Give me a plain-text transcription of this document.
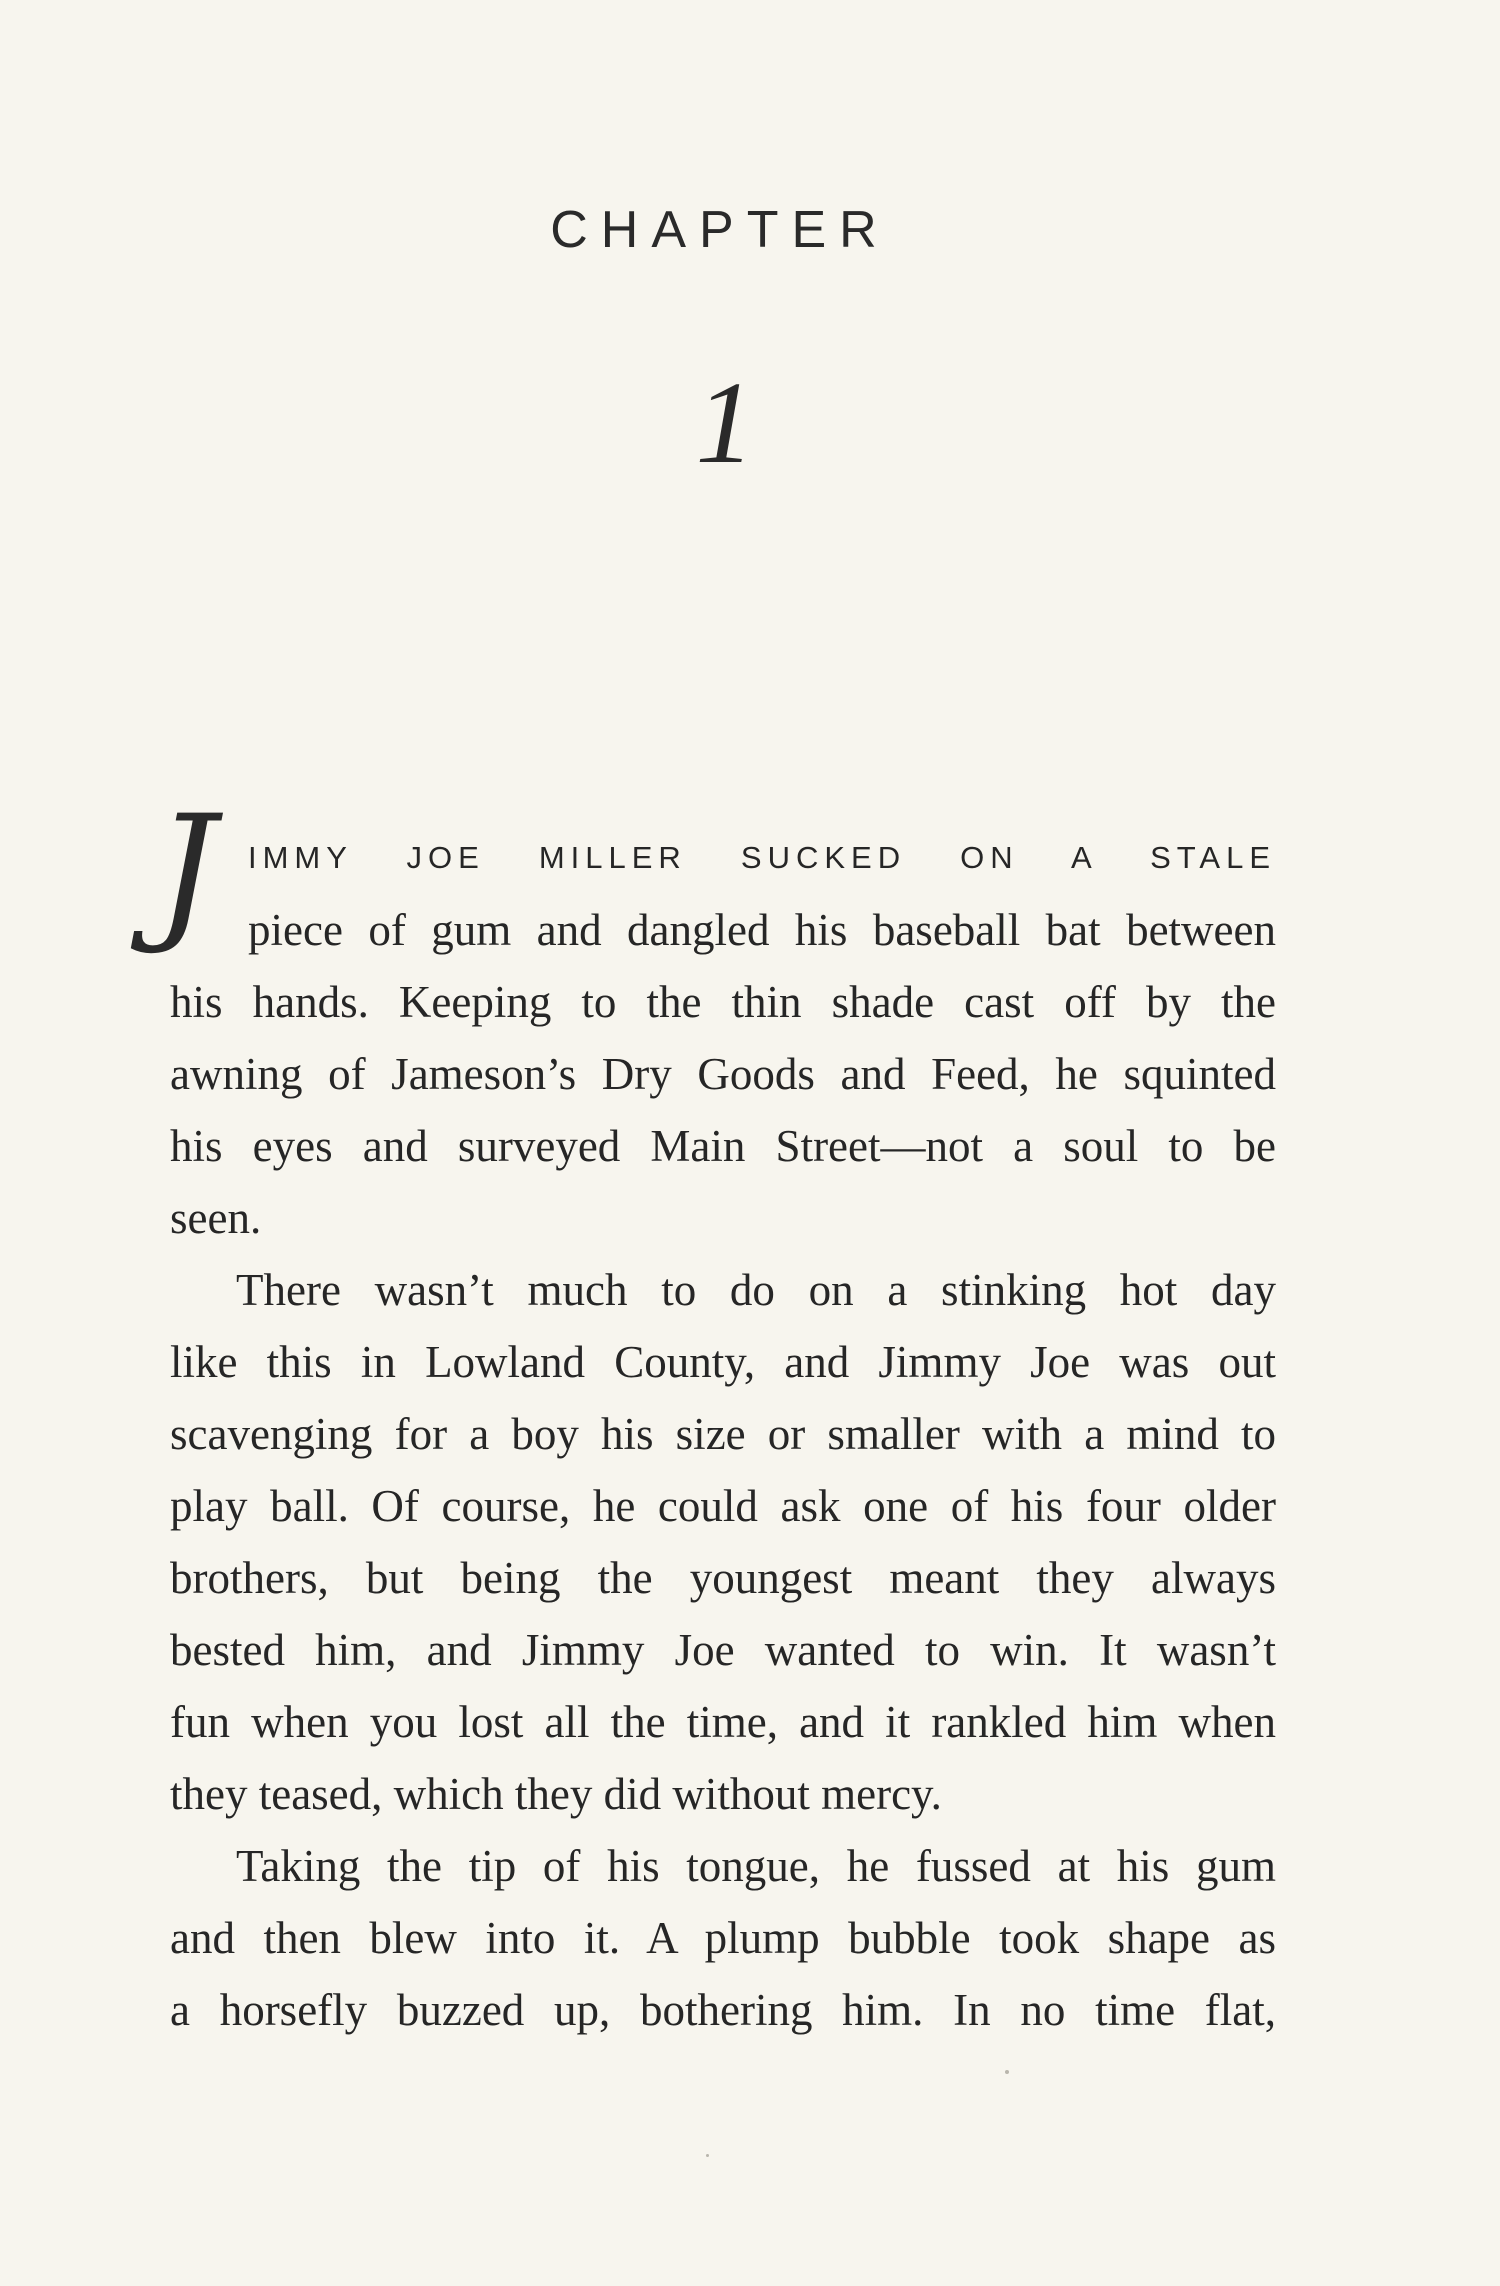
CHAPTER
1
J IMMY JOE MILLER SUCKED ON A STALE
piece of gum and dangled his baseball bat between
his hands. Keeping to the thin shade cast off by the
awning of Jameson’s Dry Goods and Feed, he squinted
his eyes and surveyed Main Street—not a soul to be
seen.
There wasn’t much to do on a stinking hot day
like this in Lowland County, and Jimmy Joe was out
scavenging for a boy his size or smaller with a mind to
play ball. Of course, he could ask one of his four older
brothers, but being the youngest meant they always
bested him, and Jimmy Joe wanted to win. It wasn’t
fun when you lost all the time, and it rankled him when
they teased, which they did without mercy.
Taking the tip of his tongue, he fussed at his gum
and then blew into it. A plump bubble took shape as
a horsefly buzzed up, bothering him. In no time flat,
